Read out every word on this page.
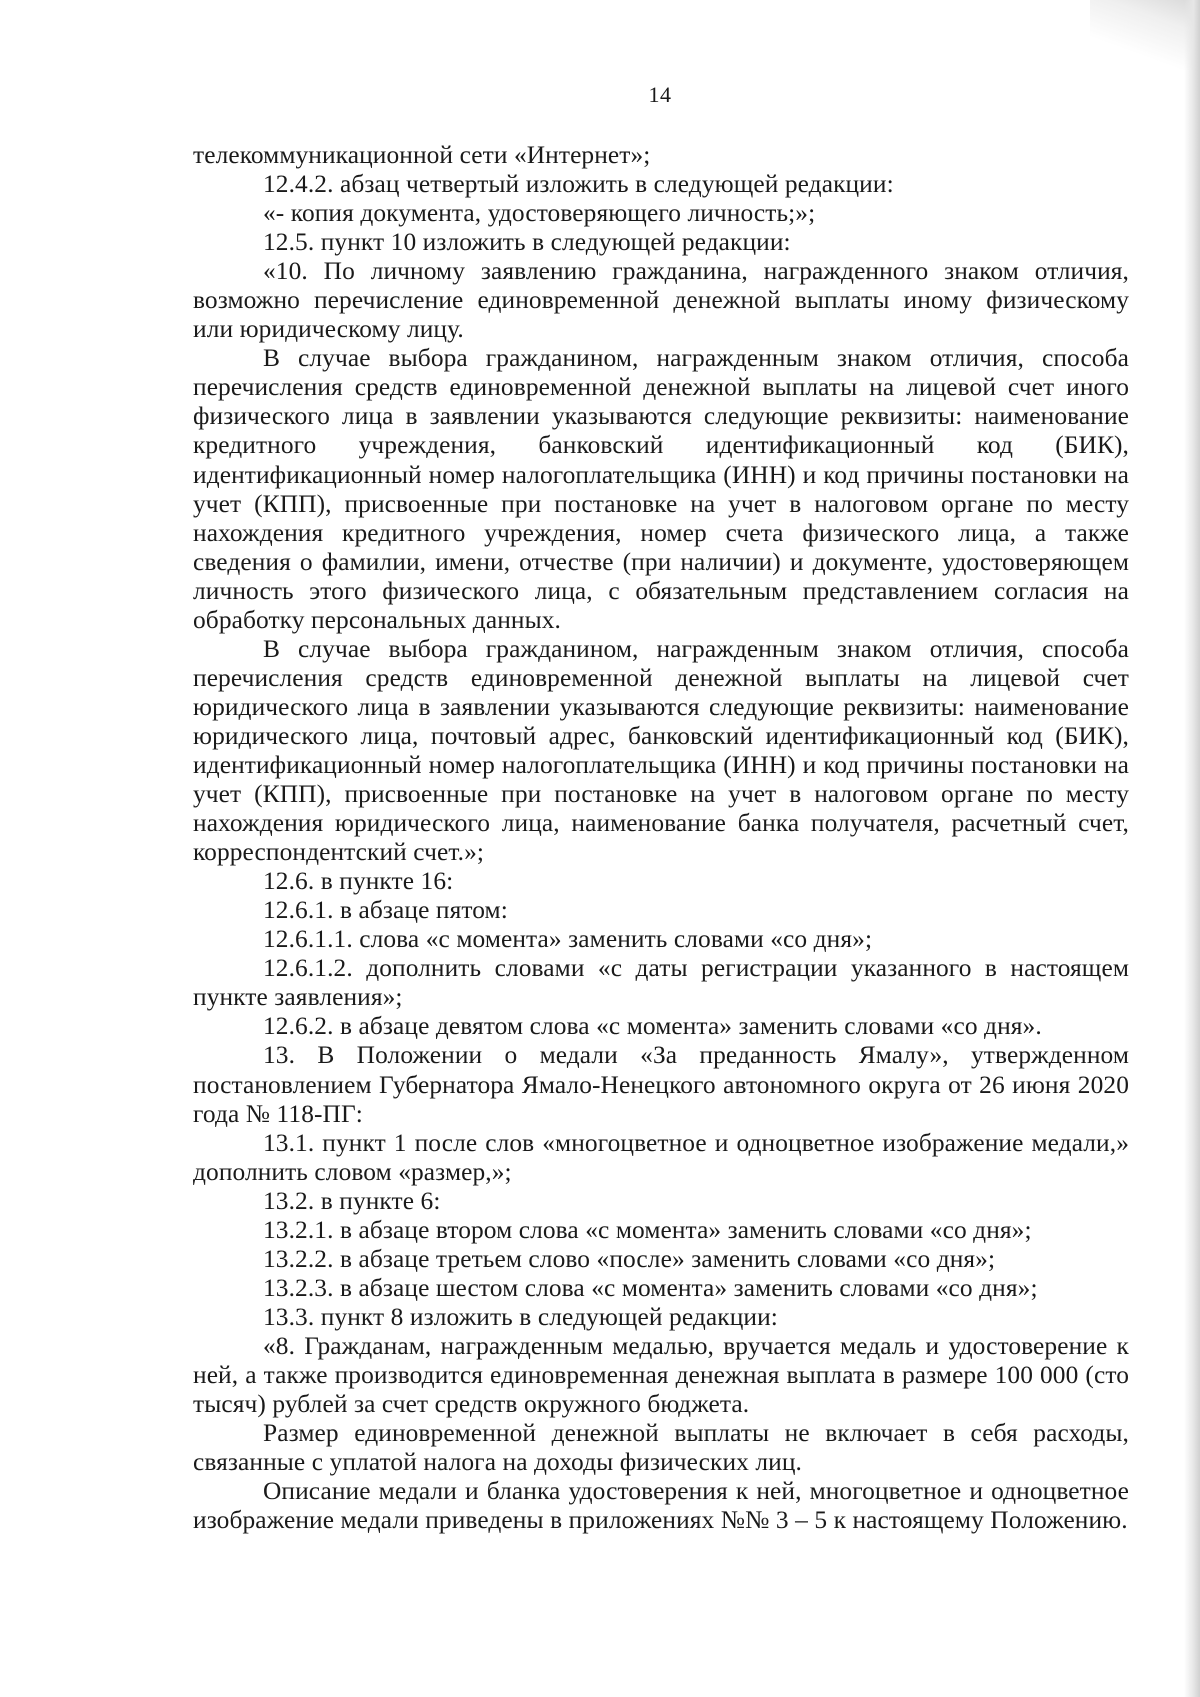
14

телекоммуникационной сети «Интернет»;

12.4.2. абзац четвертый изложить в следующей редакции:

«- копия документа, удостоверяющего личность;»;

12.5. пункт 10 изложить в следующей редакции:

«10. По личному заявлению гражданина, награжденного знаком отличия, возможно перечисление единовременной денежной выплаты иному физическому или юридическому лицу.

В случае выбора гражданином, награжденным знаком отличия, способа перечисления средств единовременной денежной выплаты на лицевой счет иного физического лица в заявлении указываются следующие реквизиты: наименование кредитного учреждения, банковский идентификационный код (БИК), идентификационный номер налогоплательщика (ИНН) и код причины постановки на учет (КПП), присвоенные при постановке на учет в налоговом органе по месту нахождения кредитного учреждения, номер счета физического лица, а также сведения о фамилии, имени, отчестве (при наличии) и документе, удостоверяющем личность этого физического лица, с обязательным представлением согласия на обработку персональных данных.

В случае выбора гражданином, награжденным знаком отличия, способа перечисления средств единовременной денежной выплаты на лицевой счет юридического лица в заявлении указываются следующие реквизиты: наименование юридического лица, почтовый адрес, банковский идентификационный код (БИК), идентификационный номер налогоплательщика (ИНН) и код причины постановки на учет (КПП), присвоенные при постановке на учет в налоговом органе по месту нахождения юридического лица, наименование банка получателя, расчетный счет, корреспондентский счет.»;

12.6. в пункте 16:

12.6.1. в абзаце пятом:

12.6.1.1. слова «с момента» заменить словами «со дня»;

12.6.1.2. дополнить словами «с даты регистрации указанного в настоящем пункте заявления»;

12.6.2. в абзаце девятом слова «с момента» заменить словами «со дня».

13. В Положении о медали «За преданность Ямалу», утвержденном постановлением Губернатора Ямало-Ненецкого автономного округа от 26 июня 2020 года № 118-ПГ:

13.1. пункт 1 после слов «многоцветное и одноцветное изображение медали,» дополнить словом «размер,»;

13.2. в пункте 6:

13.2.1. в абзаце втором слова «с момента» заменить словами «со дня»;

13.2.2. в абзаце третьем слово «после» заменить словами «со дня»;

13.2.3. в абзаце шестом слова «с момента» заменить словами «со дня»;

13.3. пункт 8 изложить в следующей редакции:

«8. Гражданам, награжденным медалью, вручается медаль и удостоверение к ней, а также производится единовременная денежная выплата в размере 100 000 (сто тысяч) рублей за счет средств окружного бюджета.

Размер единовременной денежной выплаты не включает в себя расходы, связанные с уплатой налога на доходы физических лиц.

Описание медали и бланка удостоверения к ней, многоцветное и одноцветное изображение медали приведены в приложениях №№ 3 – 5 к настоящему Положению.
